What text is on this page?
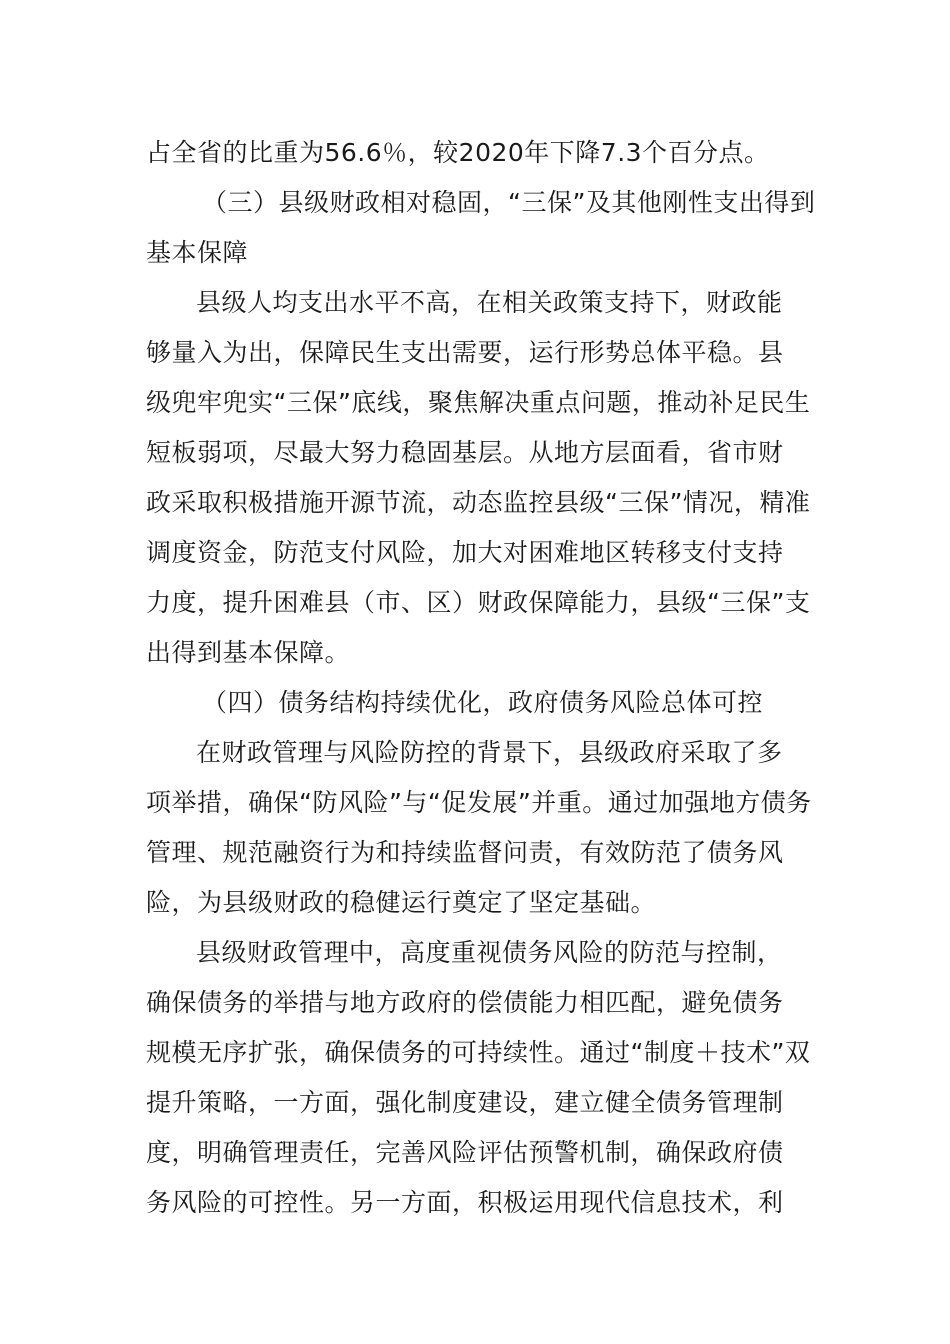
占全省的比重为56.6％，较2020年下降7.3个百分点。
（三）县级财政相对稳固，“三保”及其他刚性支出得到
基本保障
县级人均支出水平不高，在相关政策支持下，财政能
够量入为出，保障民生支出需要，运行形势总体平稳。县
级兜牢兜实“三保”底线，聚焦解决重点问题，推动补足民生
短板弱项，尽最大努力稳固基层。从地方层面看，省市财
政采取积极措施开源节流，动态监控县级“三保”情况，精准
调度资金，防范支付风险，加大对困难地区转移支付支持
力度，提升困难县（市、区）财政保障能力，县级“三保”支
出得到基本保障。
（四）债务结构持续优化，政府债务风险总体可控
在财政管理与风险防控的背景下，县级政府采取了多
项举措，确保“防风险”与“促发展”并重。通过加强地方债务
管理、规范融资行为和持续监督问责，有效防范了债务风
险，为县级财政的稳健运行奠定了坚定基础。
县级财政管理中，高度重视债务风险的防范与控制，
确保债务的举措与地方政府的偿债能力相匹配，避免债务
规模无序扩张，确保债务的可持续性。通过“制度＋技术”双
提升策略，一方面，强化制度建设，建立健全债务管理制
度，明确管理责任，完善风险评估预警机制，确保政府债
务风险的可控性。另一方面，积极运用现代信息技术，利
